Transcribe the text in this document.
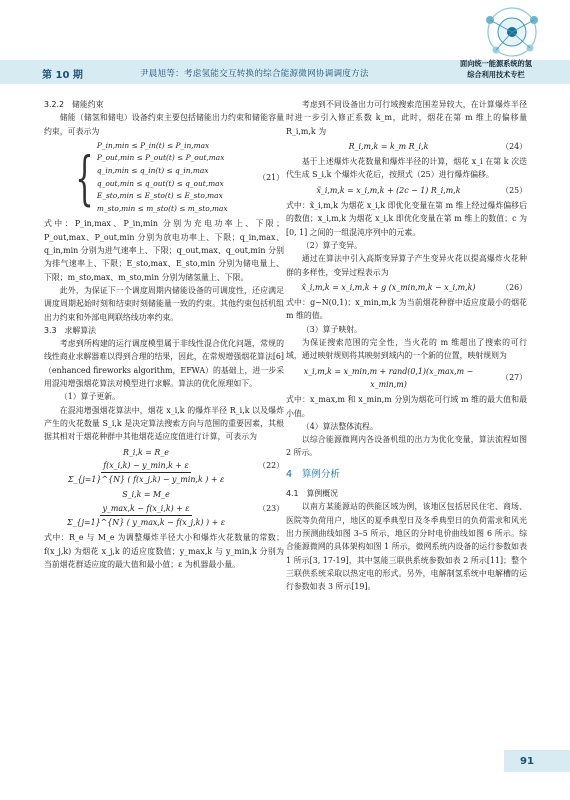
第 10 期	尹晨旭等：考虑氢能交互转换的综合能源微网协调调度方法
面向统一能源系统的氢
综合利用技术专栏

3.2.2　储能约束

储能（储氢和储电）设备约束主要包括储能出力约束和储能容量约束，可表示为

{ P_in,min ≤ P_in(t) ≤ P_in,max
P_out,min ≤ P_out(t) ≤ P_out,max
q_in,min ≤ q_in(t) ≤ q_in,max
q_out,min ≤ q_out(t) ≤ q_out,max
E_sto,min ≤ E_sto(t) ≤ E_sto,max
m_sto,min ≤ m_sto(t) ≤ m_sto,max
（21）

式中：P_in,max、P_in,min 分别为充电功率上、下限；P_out,max、P_out,min 分别为放电功率上、下限；q_in,max、q_in,min 分别为进气速率上、下限；q_out,max、q_out,min 分别为排气速率上、下限；E_sto,max、E_sto,min 分别为储电量上、下限；m_sto,max、m_sto,min 分别为储氢量上、下限。

此外，为保证下一个调度周期内储能设备的可调度性，还应满足调度周期起始时刻和结束时刻储能量一致的约束。其他约束包括机组出力约束和外部电网联络线功率约束。

3.3　求解算法

考虑到所构建的运行调度模型属于非线性混合优化问题，常规的线性商业求解器难以得到合理的结果，因此，在常规增强烟花算法[6]（enhanced fireworks algorithm，EFWA）的基础上，进一步采用混沌增强烟花算法对模型进行求解。算法的优化原理如下。

（1）算子更新。

在混沌增强烟花算法中，烟花 x_i,k 的爆炸半径 R_i,k 以及爆炸产生的火花数量 S_i,k 是决定算法搜索方向与范围的重要因素，其根据其相对于烟花种群中其他烟花适应度值进行计算，可表示为

R_i,k = R_e
$\frac{f(x\_i,k) - y\_\min,k + \varepsilon}{\Sigma\_\{j=1\}\^{}\{N\} ( f(x\_j,k) - y\_\min,k ) + \varepsilon}$	（22）
S_i,k = M_e
$\frac{y\_\max,k - f(x\_i,k) + \varepsilon}{\Sigma\_\{j=1\}\^{}\{N\} ( y\_\max,k - f(x\_j,k) ) + \varepsilon}$	（23）

式中：R_e 与 M_e 为调整爆炸半径大小和爆炸火花数量的常数；f(x_j,k) 为烟花 x_j,k 的适应度数值；y_max,k 与 y_min,k 分别为当前烟花群适应度的最大值和最小值；ε 为机器最小量。

考虑到不同设备出力可行域搜索范围差异较大，在计算爆炸半径时进一步引入修正系数 k_m，此时，烟花在第 m 维上的偏移量 R_i,m,k 为

R_i,m,k = k_m R_i,k	（24）

基于上述爆炸火花数量和爆炸半径的计算，烟花 x_i 在第 k 次迭代生成 S_i,k 个爆炸火花后，按照式（25）进行爆炸偏移。

x̃_i,m,k = x_i,m,k + (2c − 1) R_i,m,k	（25）

式中：x̃_i,m,k 为烟花 x_i,k 即优化变量在第 m 维上经过爆炸偏移后的数值；x_i,m,k 为烟花 x_i,k 即优化变量在第 m 维上的数值；c 为 [0, 1] 之间的一组混沌序列中的元素。

（2）算子变异。

通过在算法中引入高斯变异算子产生变异火花以提高爆炸火花种群的多样性，变异过程表示为

x̂_i,m,k = x_i,m,k + g (x_min,m,k − x_i,m,k)	（26）

式中：g~N(0,1)；x_min,m,k 为当前烟花种群中适应度最小的烟花 m 维的值。

（3）算子映射。

为保证搜索范围的完全性，当火花的 m 维超出了搜索的可行域，通过映射规则将其映射到域内的一个新的位置，映射规则为

x_i,m,k = x_min,m + rand(0,1)(x_max,m − x_min,m)
（27）

式中：x_max,m 和 x_min,m 分别为烟花可行域 m 维的最大值和最小值。

（4）算法整体流程。

以综合能源微网内各设备机组的出力为优化变量，算法流程如图 2 所示。

4　算例分析

4.1　算例概况

以南方某能源站的供能区域为例，该地区包括居民住宅、商场、医院等负荷用户，地区的夏季典型日及冬季典型日的负荷需求和风光出力预测曲线如图 3–5 所示，地区的分时电价曲线如图 6 所示。综合能源微网的具体架构如图 1 所示，微网系统内设备的运行参数如表 1 所示[3, 17-19]，其中氢能三联供系统参数如表 2 所示[11]；整个三联供系统采取以热定电的形式。另外，电解制氢系统中电解槽的运行参数如表 3 所示[19]。

91
